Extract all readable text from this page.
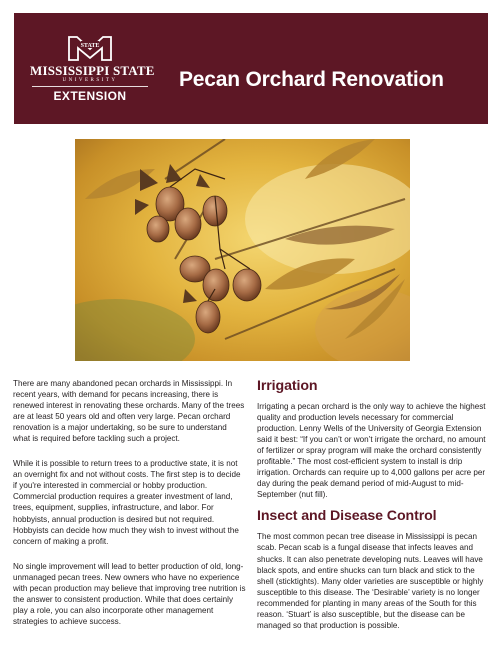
STATE
MISSISSIPPI STATE
UNIVERSITY
EXTENSION
Pecan Orchard Renovation

There are many abandoned pecan orchards in Mississippi. In recent years, with demand for pecans increasing, there is renewed interest in renovating these orchards. Many of the trees are at least 50 years old and often very large. Pecan orchard renovation is a major undertaking, so be sure to understand what is required before tackling such a project.

While it is possible to return trees to a productive state, it is not an overnight fix and not without costs. The first step is to decide if you're interested in commercial or hobby production. Commercial production requires a greater investment of land, trees, equipment, supplies, infrastructure, and labor. For hobbyists, annual production is desired but not required. Hobbyists can decide how much they wish to invest without the concern of making a profit.

No single improvement will lead to better production of old, long-unmanaged pecan trees. New owners who have no experience with pecan production may believe that improving tree nutrition is the answer to consistent production. While that does certainly play a role, you can also incorporate other management strategies to achieve success.

Irrigation

Irrigating a pecan orchard is the only way to achieve the highest quality and production levels necessary for commercial production. Lenny Wells of the University of Georgia Extension said it best: “If you can’t or won’t irrigate the orchard, no amount of fertilizer or spray program will make the orchard consistently profitable.” The most cost-efficient system to install is drip irrigation. Orchards can require up to 4,000 gallons per acre per day during the peak demand period of mid-August to mid-September (nut fill).

Insect and Disease Control

The most common pecan tree disease in Mississippi is pecan scab. Pecan scab is a fungal disease that infects leaves and shucks. It can also penetrate developing nuts. Leaves will have black spots, and entire shucks can turn black and stick to the shell (sticktights). Many older varieties are susceptible or highly susceptible to this disease. The ‘Desirable’ variety is no longer recommended for planting in many areas of the South for this reason. ‘Stuart’ is also susceptible, but the disease can be managed so that production is possible.
